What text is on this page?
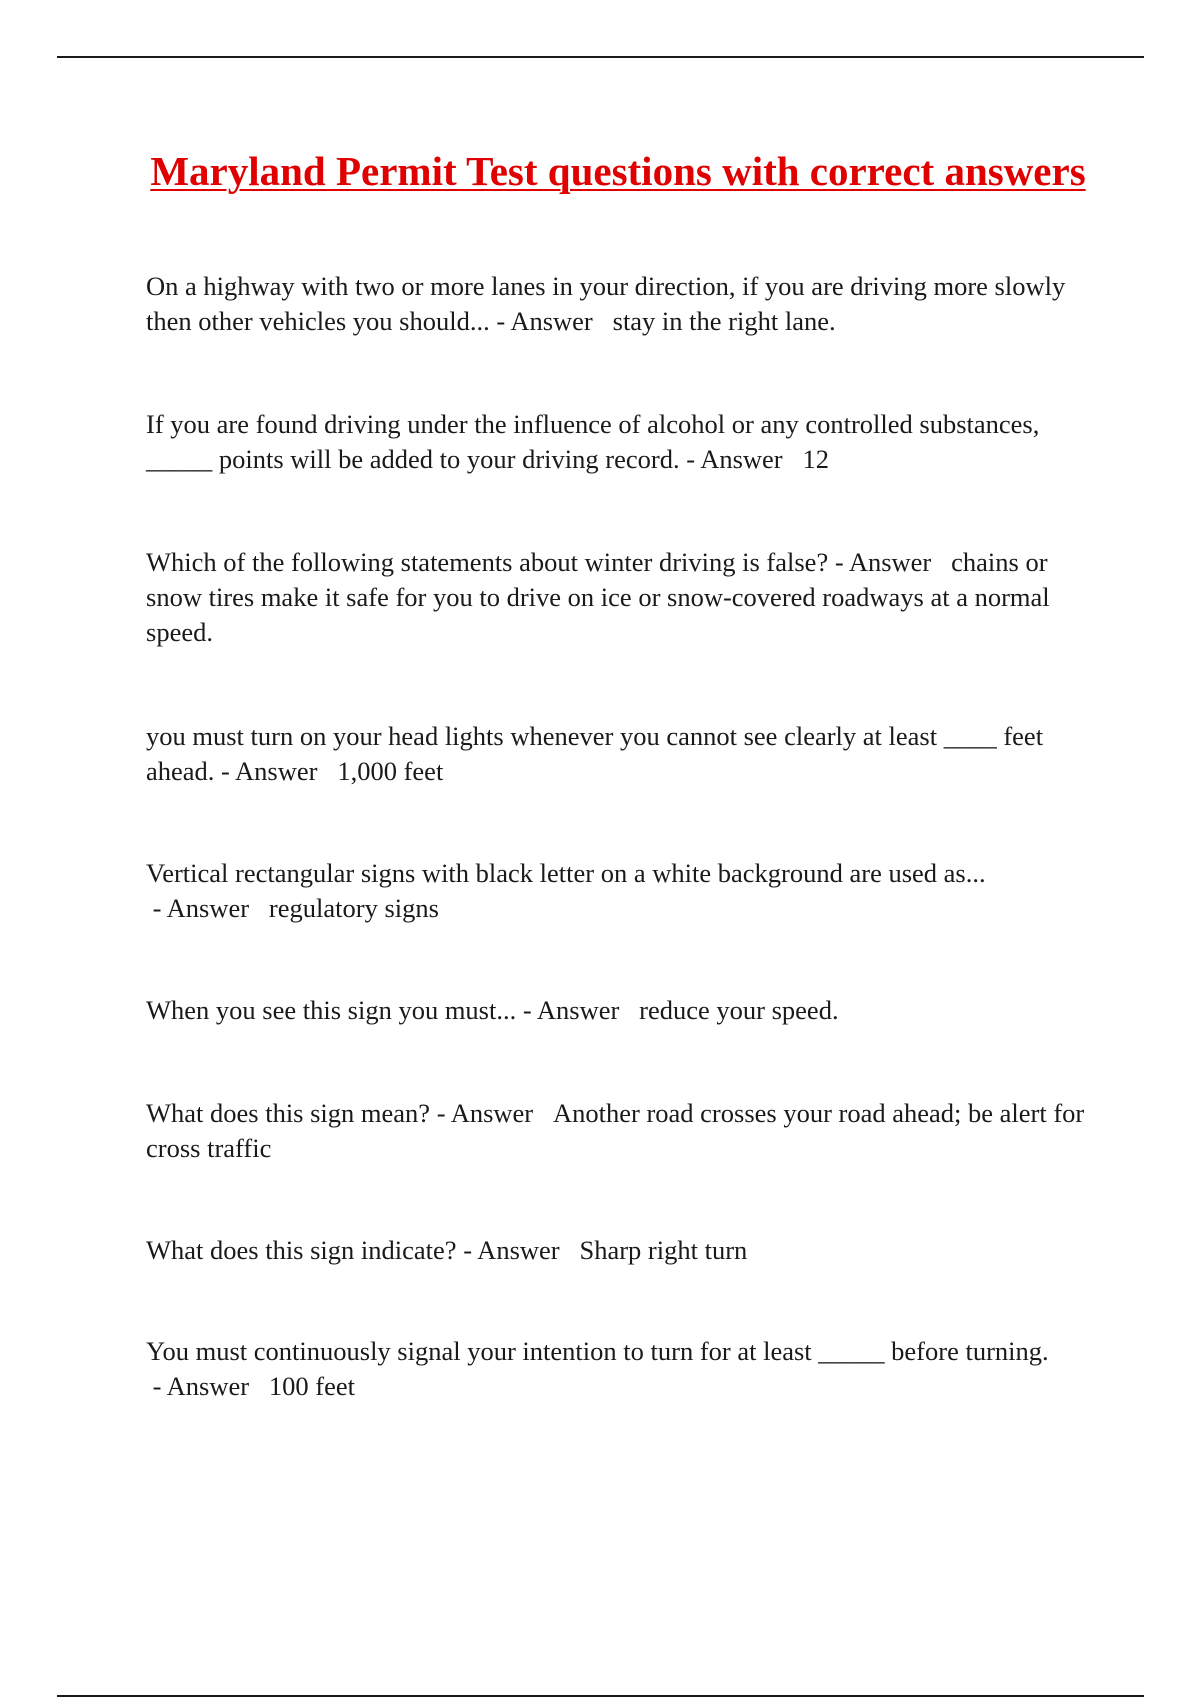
Maryland Permit Test questions with correct answers

On a highway with two or more lanes in your direction, if you are driving more slowly then other vehicles you should... - Answer   stay in the right lane.

If you are found driving under the influence of alcohol or any controlled substances, _____ points will be added to your driving record. - Answer   12

Which of the following statements about winter driving is false? - Answer   chains or snow tires make it safe for you to drive on ice or snow-covered roadways at a normal speed.

you must turn on your head lights whenever you cannot see clearly at least ____ feet ahead. - Answer   1,000 feet

Vertical rectangular signs with black letter on a white background are used as... - Answer   regulatory signs

When you see this sign you must... - Answer   reduce your speed.

What does this sign mean? - Answer   Another road crosses your road ahead; be alert for cross traffic

What does this sign indicate? - Answer   Sharp right turn

You must continuously signal your intention to turn for at least _____ before turning. - Answer   100 feet
